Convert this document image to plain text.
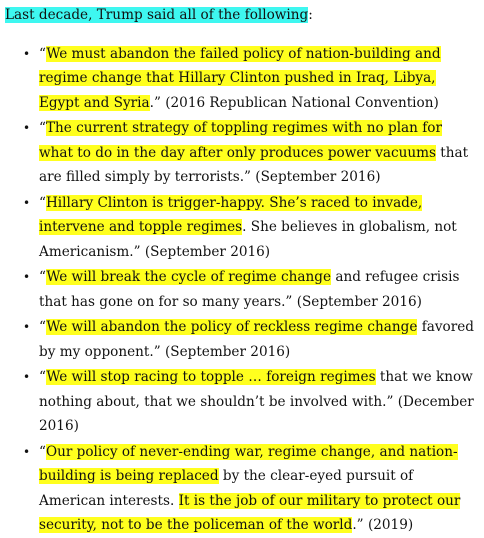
Last decade, Trump said all of the following:

• “We must abandon the failed policy of nation-building and regime change that Hillary Clinton pushed in Iraq, Libya, Egypt and Syria.” (2016 Republican National Convention)
• “The current strategy of toppling regimes with no plan for what to do in the day after only produces power vacuums that are filled simply by terrorists.” (September 2016)
• “Hillary Clinton is trigger-happy. She’s raced to invade, intervene and topple regimes. She believes in globalism, not Americanism.” (September 2016)
• “We will break the cycle of regime change and refugee crisis that has gone on for so many years.” (September 2016)
• “We will abandon the policy of reckless regime change favored by my opponent.” (September 2016)
• “We will stop racing to topple … foreign regimes that we know nothing about, that we shouldn’t be involved with.” (December 2016)
• “Our policy of never-ending war, regime change, and nation-building is being replaced by the clear-eyed pursuit of American interests. It is the job of our military to protect our security, not to be the policeman of the world.” (2019)
